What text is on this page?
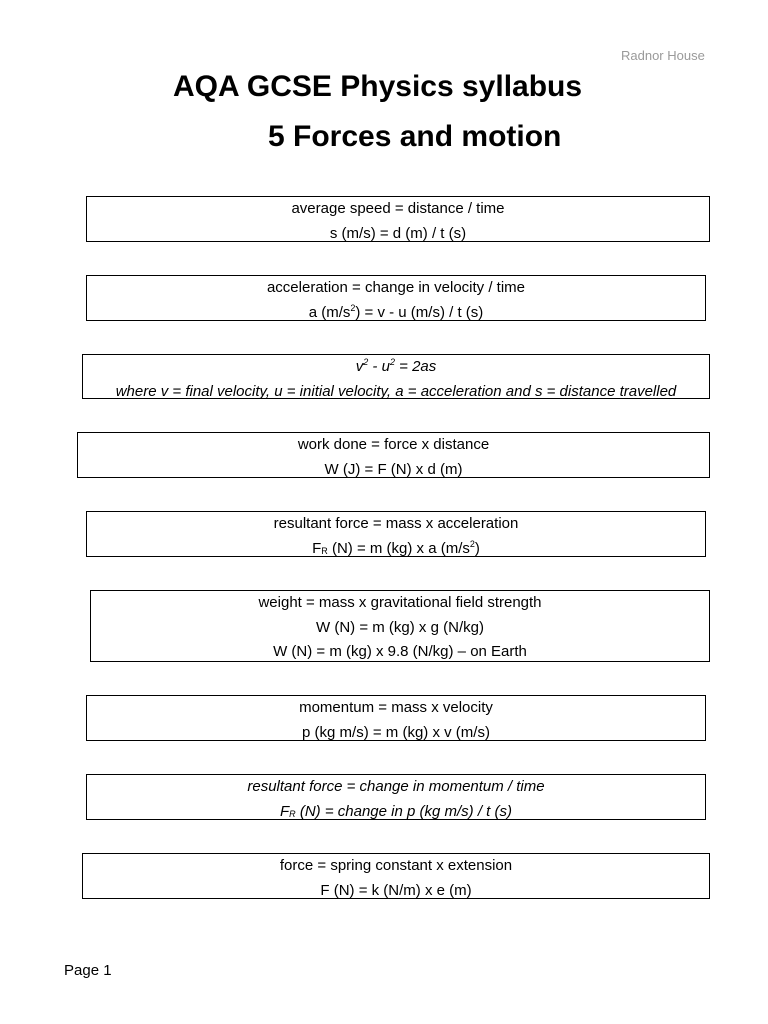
Radnor House
AQA GCSE Physics syllabus
5 Forces and motion
average speed = distance / time
s (m/s) = d (m) / t (s)
acceleration = change in velocity / time
a $(m/s^2) = v - u$ (m/s) / t (s)
$v^2 - u^2 = 2as$
where v = final velocity, u = initial velocity, a = acceleration and s = distance travelled
work done = force x distance
W (J) = F (N) x d (m)
resultant force = mass x acceleration
$F_R$ (N) = m (kg) x a $(m/s^2)$
weight = mass x gravitational field strength
W (N) = m (kg) x g (N/kg)
W (N) = m (kg) x 9.8 (N/kg) – on Earth
momentum = mass x velocity
p (kg m/s) = m (kg) x v (m/s)
resultant force = change in momentum / time
$F_R$ (N) = change in p (kg m/s) / t (s)
force = spring constant x extension
F (N) = k (N/m) x e (m)
Page 1
